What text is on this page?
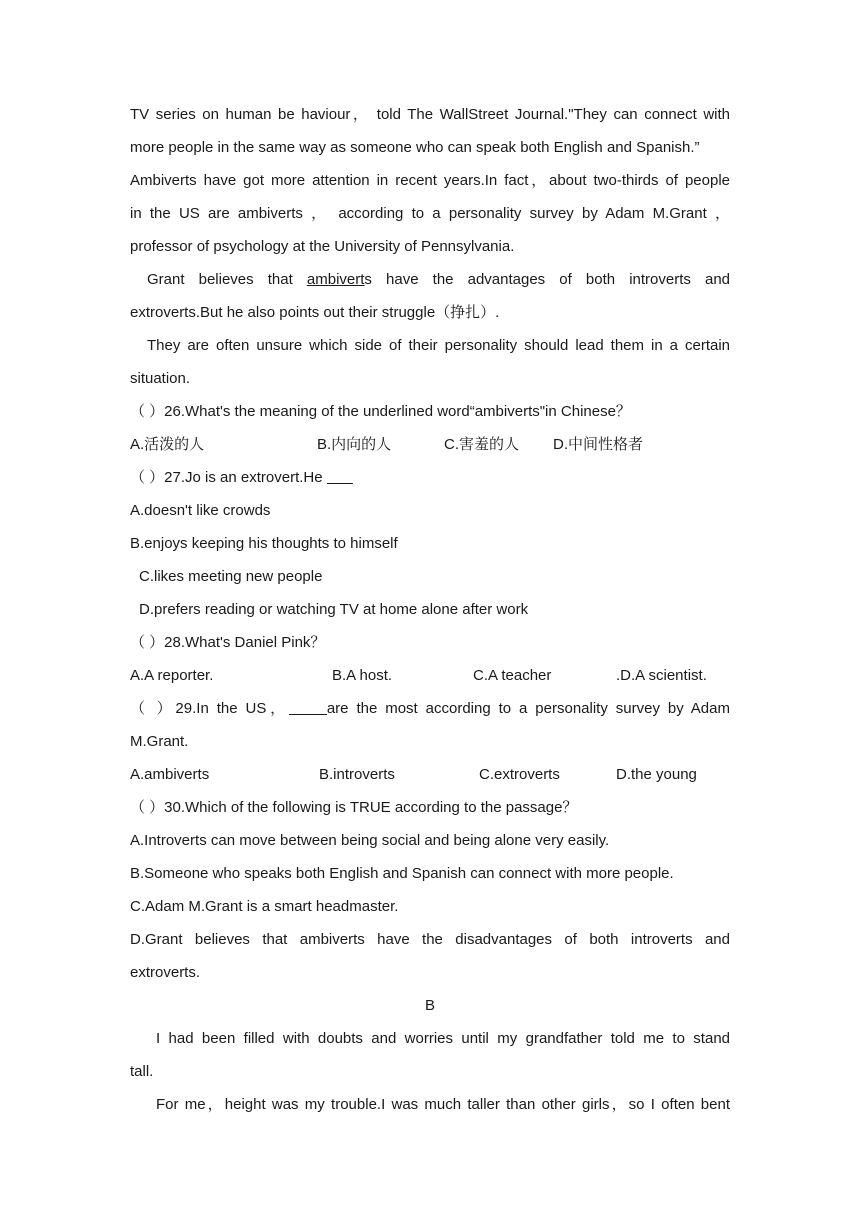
TV series on human be haviour， told The WallStreet Journal."They can connect with
more people in the same way as someone who can speak both English and Spanish.”
Ambiverts have got more attention in recent years.In fact，about two-thirds of people
in the US are ambiverts ， according to a personality survey by Adam M.Grant ，
professor of psychology at the University of Pennsylvania.
Grant believes that ambiverts have the advantages of both introverts and
extroverts.But he also points out their struggle（挣扎）.
They are often unsure which side of their personality should lead them in a certain
situation.
（ ）26.What's the meaning of the underlined word“ambiverts"in Chinese？
A.活泼的人	B.内向的人	C.害羞的人	D.中间性格者
（ ）27.Jo is an extrovert.He
A.doesn't like crowds
B.enjoys keeping his thoughts to himself
C.likes meeting new people
D.prefers reading or watching TV at home alone after work
（ ）28.What's Daniel Pink？
A.A reporter.	B.A host.	C.A teacher	.D.A scientist.
（ ）29.In the US，	are the most according to a personality survey by Adam
M.Grant.
A.ambiverts	B.introverts	C.extroverts	D.the young
（ ）30.Which of the following is TRUE according to the passage？
A.Introverts can move between being social and being alone very easily.
B.Someone who speaks both English and Spanish can connect with more people.
C.Adam M.Grant is a smart headmaster.
D.Grant believes that ambiverts have the disadvantages of both introverts and
extroverts.
B
I had been filled with doubts and worries until my grandfather told me to stand
tall.
For me，height was my trouble.I was much taller than other girls，so I often bent
